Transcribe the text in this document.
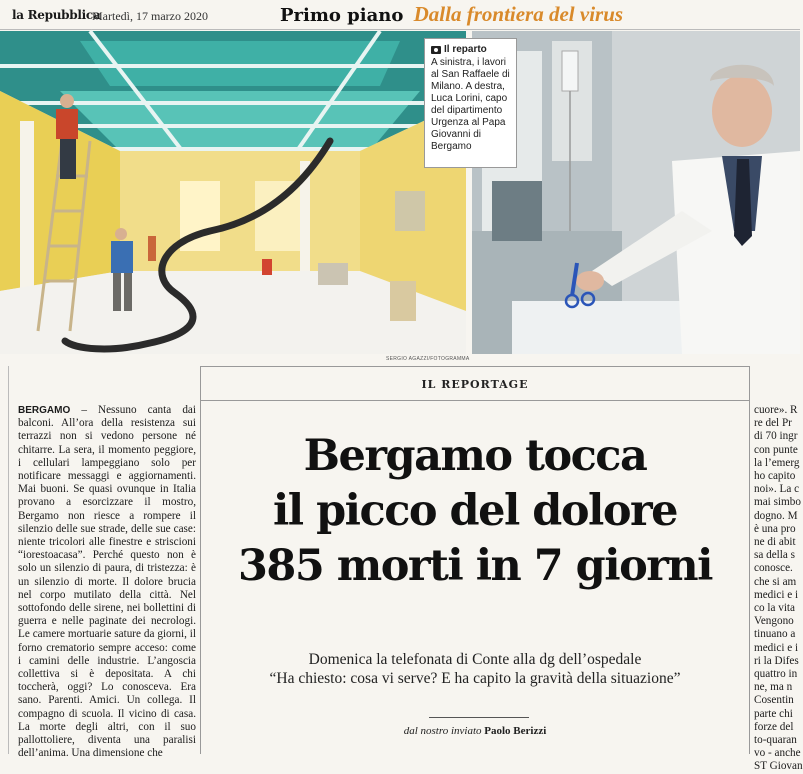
la Repubblica
Martedì, 17 marzo 2020	Primo piano Dalla frontiera del virus
Il reparto
A sinistra, i lavori al San Raffaele di Milano. A destra, Luca Lorini, capo del dipartimento Urgenza al Papa Giovanni di Bergamo
SERGIO AGAZZI/FOTOGRAMMA
BERGAMO – Nessuno canta dai balconi. All’ora della resistenza sui terrazzi non si vedono persone né chitarre. La sera, il momento peggiore, i cellulari lampeggiano solo per notificare messaggi e aggiornamenti. Mai buoni. Se quasi ovunque in Italia provano a esorcizzare il mostro, Bergamo non riesce a rompere il silenzio delle sue strade, delle sue case: niente tricolori alle finestre e striscioni “iorestoacasa”. Perché questo non è solo un silenzio di paura, di tristezza: è un silenzio di morte. Il dolore brucia nel corpo mutilato della città. Nel sottofondo delle sirene, nei bollettini di guerra e nelle paginate dei necrologi. Le camere mortuarie sature da giorni, il forno crematorio sempre acceso: come i camini delle industrie. L’angoscia collettiva si è depositata. A chi toccherà, oggi? Lo conosceva. Era sano. Parenti. Amici. Un collega. Il compagno di scuola. Il vicino di casa. La morte degli altri, con il suo pallottoliere, diventa una paralisi dell’anima. Una dimensione che
IL REPORTAGE
Bergamo tocca
il picco del dolore
385 morti in 7 giorni
Domenica la telefonata di Conte alla dg dell’ospedale
“Ha chiesto: cosa vi serve? E ha capito la gravità della situazione”
dal nostro inviato Paolo Berizzi
cuore». R
re del Pr
di 70 ingr
con punte
la l’emerg
ho capito
noi». La c
mai simbo
dogno. M
è una pro
ne di abit
sa della s
conosce.
che si am
medici e i
co la vita
Vengono
tinuano a
medici e i
ri la Difes
quattro in
ne, ma n
Cosentin
parte chi
forze del
to-quaran
vo - anche
ST Giovan
